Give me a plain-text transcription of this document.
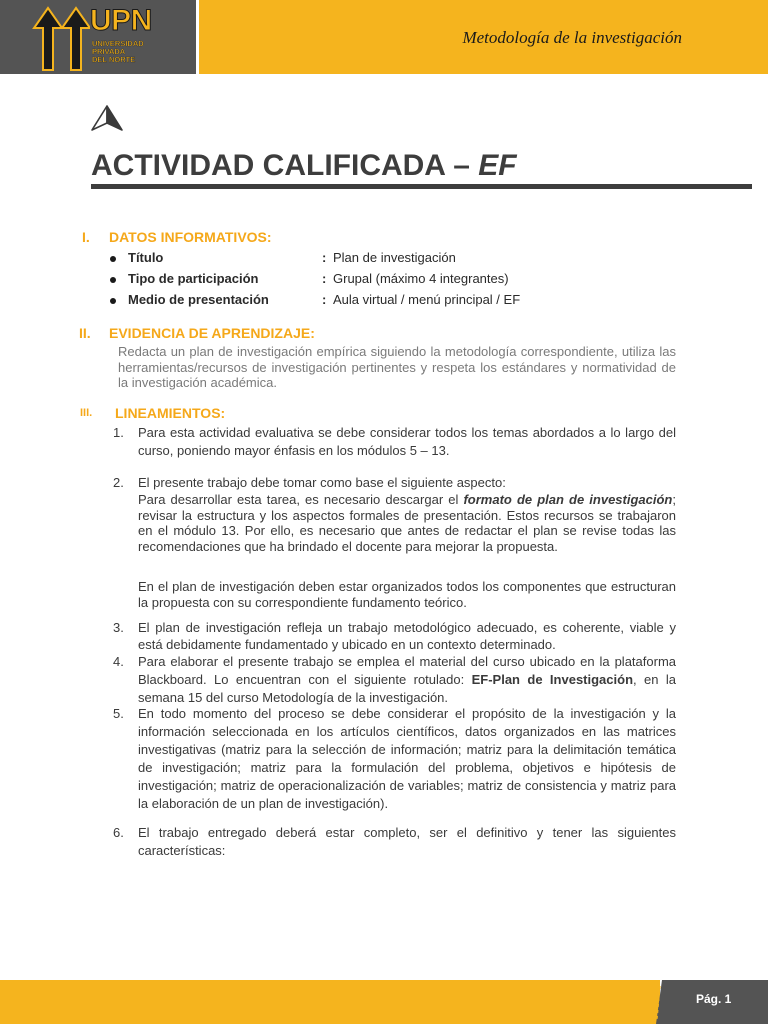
UPN
UNIVERSIDAD
PRIVADA
DEL NORTE
Metodología de la investigación
ACTIVIDAD CALIFICADA – EF
I. DATOS INFORMATIVOS:
Título	: Plan de investigación
Tipo de participación	: Grupal (máximo 4 integrantes)
Medio de presentación	: Aula virtual / menú principal / EF
II. EVIDENCIA DE APRENDIZAJE:
Redacta un plan de investigación empírica siguiendo la metodología correspondiente, utiliza las herramientas/recursos de investigación pertinentes y respeta los estándares y normatividad de la investigación académica.
III. LINEAMIENTOS:
1. Para esta actividad evaluativa se debe considerar todos los temas abordados a lo largo del curso, poniendo mayor énfasis en los módulos 5 – 13.
2. El presente trabajo debe tomar como base el siguiente aspecto:
Para desarrollar esta tarea, es necesario descargar el formato de plan de investigación; revisar la estructura y los aspectos formales de presentación. Estos recursos se trabajaron en el módulo 13. Por ello, es necesario que antes de redactar el plan se revise todas las recomendaciones que ha brindado el docente para mejorar la propuesta.
En el plan de investigación deben estar organizados todos los componentes que estructuran la propuesta con su correspondiente fundamento teórico.
3. El plan de investigación refleja un trabajo metodológico adecuado, es coherente, viable y está debidamente fundamentado y ubicado en un contexto determinado.
4. Para elaborar el presente trabajo se emplea el material del curso ubicado en la plataforma Blackboard. Lo encuentran con el siguiente rotulado: EF-Plan de Investigación, en la semana 15 del curso Metodología de la investigación.
5. En todo momento del proceso se debe considerar el propósito de la investigación y la información seleccionada en los artículos científicos, datos organizados en las matrices investigativas (matriz para la selección de información; matriz para la delimitación temática de investigación; matriz para la formulación del problema, objetivos e hipótesis de investigación; matriz de operacionalización de variables; matriz de consistencia y matriz para la elaboración de un plan de investigación).
6. El trabajo entregado deberá estar completo, ser el definitivo y tener las siguientes características:
Pág. 1
